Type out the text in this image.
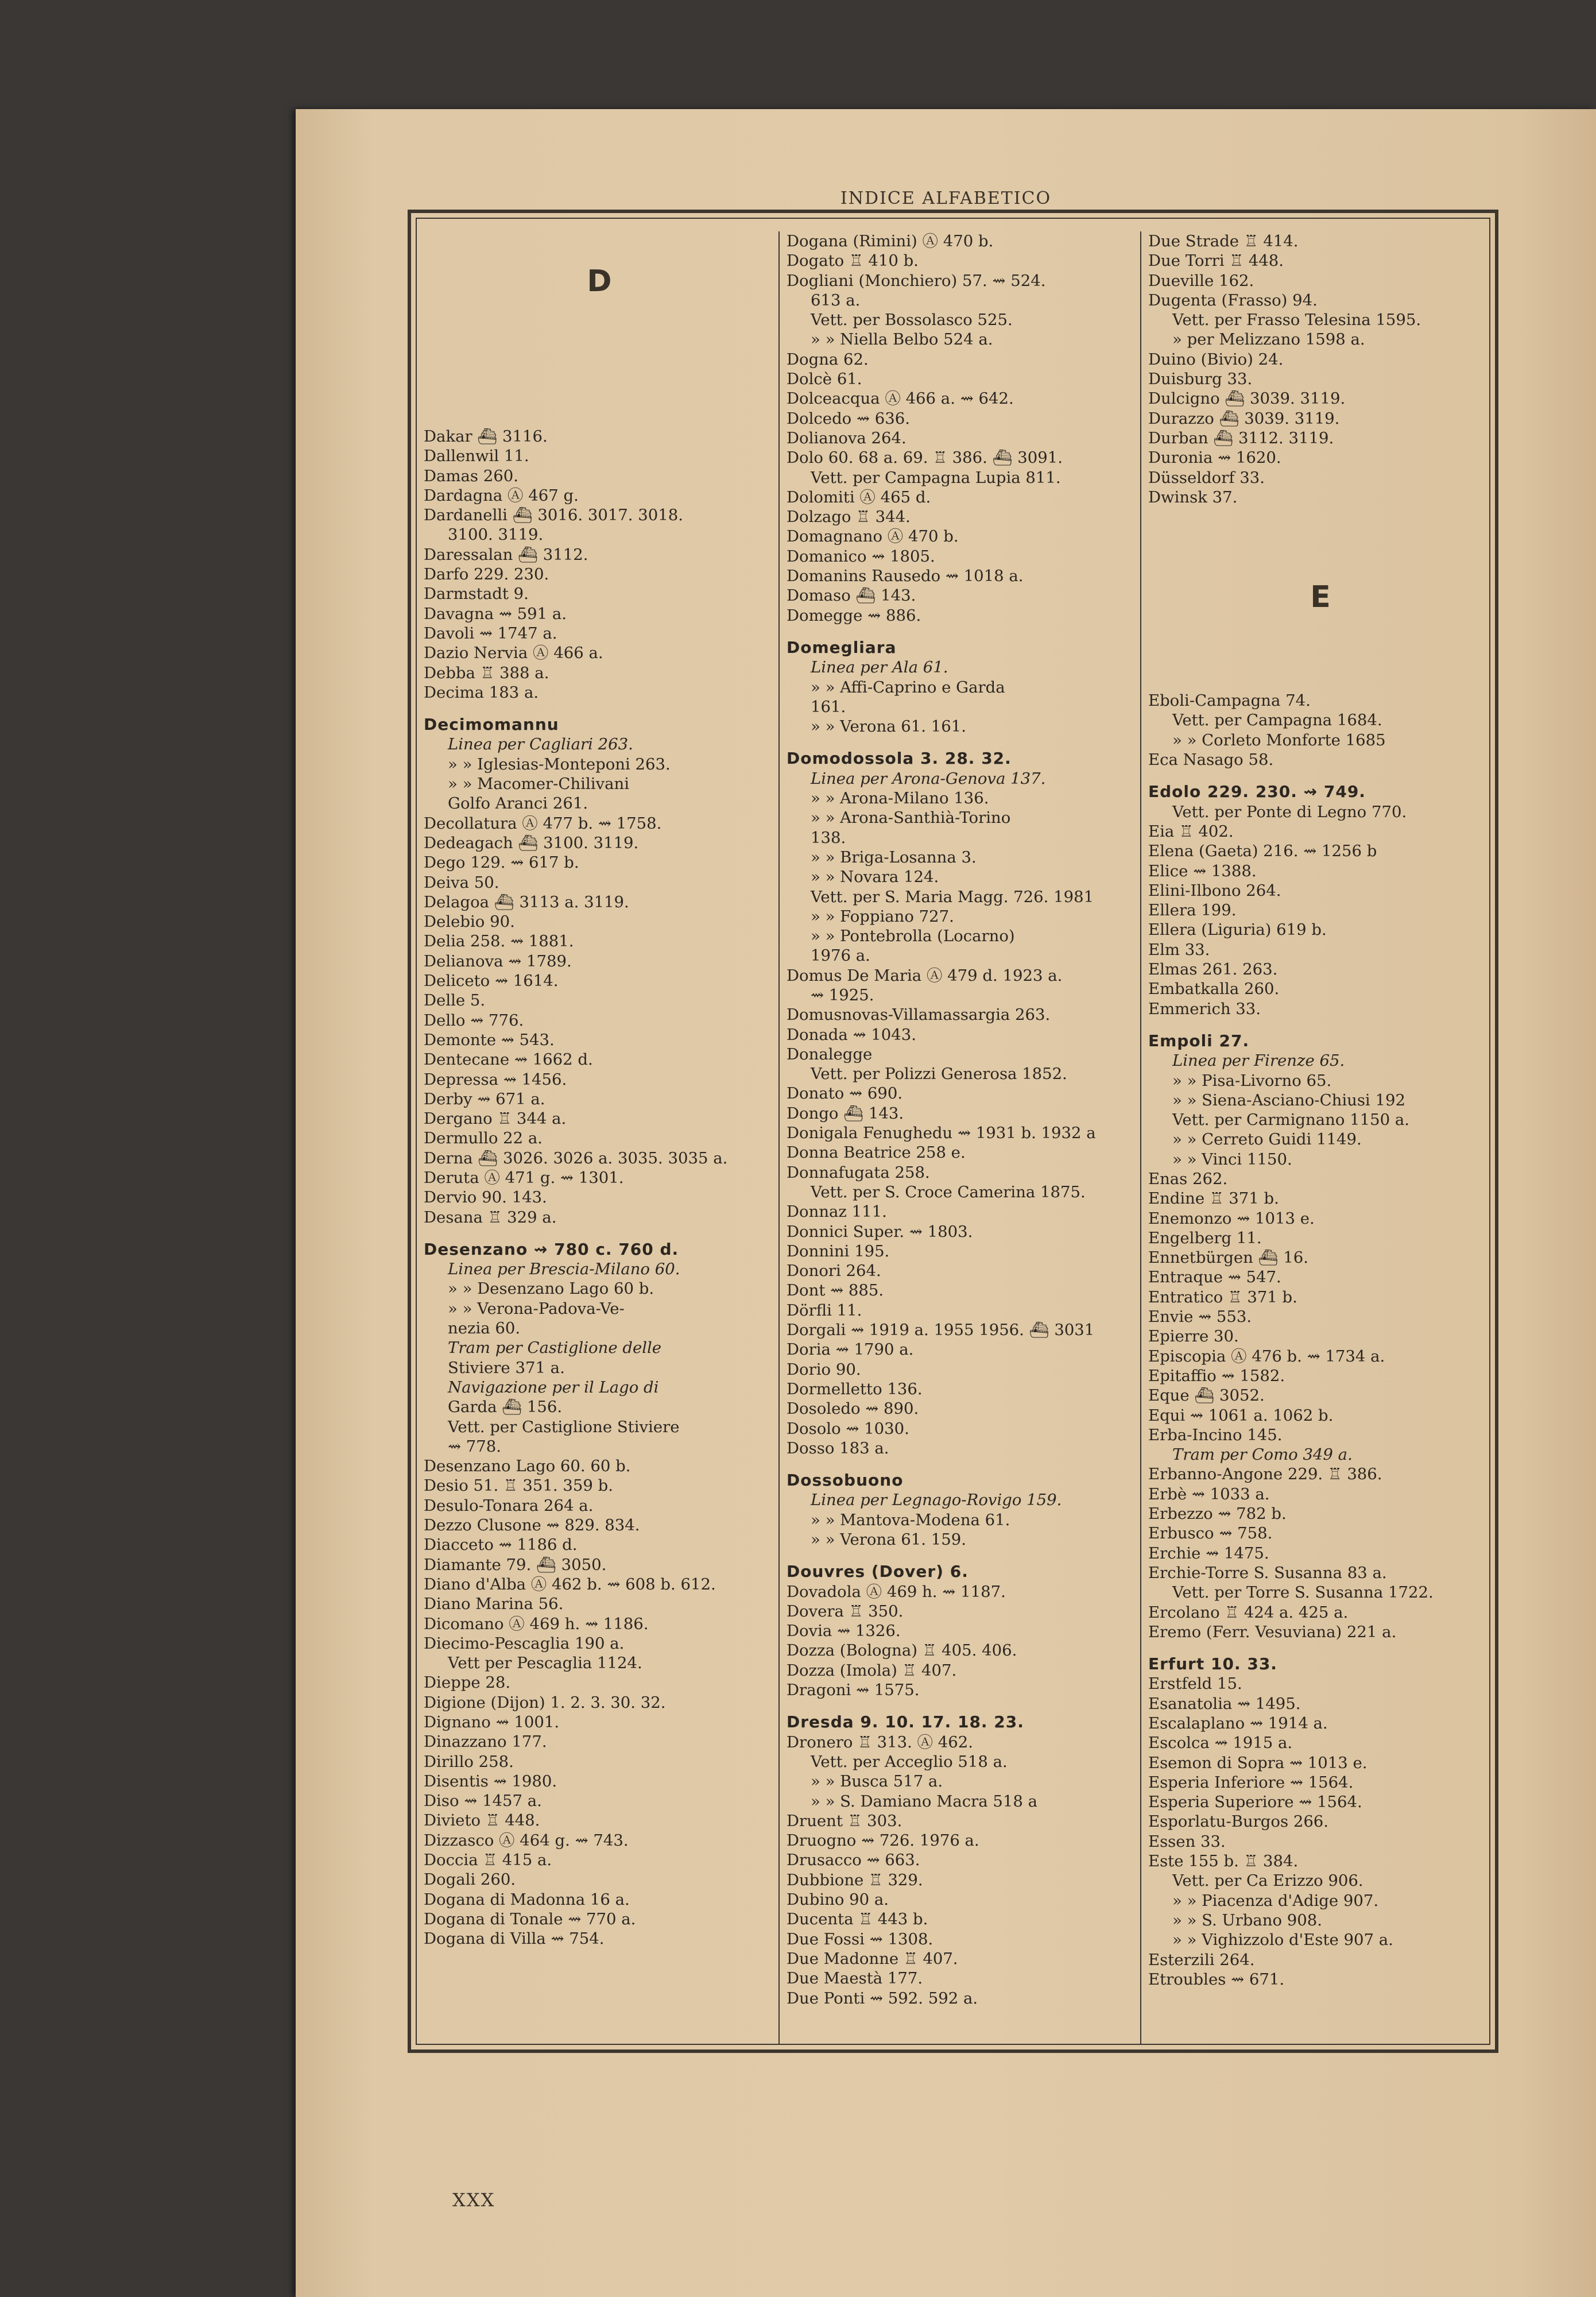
INDICE ALFABETICO
D
Dakar ⛴ 3116.
Dallenwil 11.
Damas 260.
Dardagna Ⓐ 467 g.
Dardanelli ⛴ 3016. 3017. 3018.
3100. 3119.
Daressalan ⛴ 3112.
Darfo 229. 230.
Darmstadt 9.
Davagna ⇝ 591 a.
Davoli ⇝ 1747 a.
Dazio Nervia Ⓐ 466 a.
Debba ♖ 388 a.
Decima 183 a.
Decimomannu
Linea per Cagliari 263.
» » Iglesias-Monteponi 263.
» » Macomer-Chilivani
Golfo Aranci 261.
Decollatura Ⓐ 477 b. ⇝ 1758.
Dedeagach ⛴ 3100. 3119.
Dego 129. ⇝ 617 b.
Deiva 50.
Delagoa ⛴ 3113 a. 3119.
Delebio 90.
Delia 258. ⇝ 1881.
Delianova ⇝ 1789.
Deliceto ⇝ 1614.
Delle 5.
Dello ⇝ 776.
Demonte ⇝ 543.
Dentecane ⇝ 1662 d.
Depressa ⇝ 1456.
Derby ⇝ 671 a.
Dergano ♖ 344 a.
Dermullo 22 a.
Derna ⛴ 3026. 3026 a. 3035. 3035 a.
Deruta Ⓐ 471 g. ⇝ 1301.
Dervio 90. 143.
Desana ♖ 329 a.
Desenzano ⇝ 780 c. 760 d.
Linea per Brescia-Milano 60.
» » Desenzano Lago 60 b.
» » Verona-Padova-Ve-
nezia 60.
Tram per Castiglione delle
Stiviere 371 a.
Navigazione per il Lago di
Garda ⛴ 156.
Vett. per Castiglione Stiviere
⇝ 778.
Desenzano Lago 60. 60 b.
Desio 51. ♖ 351. 359 b.
Desulo-Tonara 264 a.
Dezzo Clusone ⇝ 829. 834.
Diacceto ⇝ 1186 d.
Diamante 79. ⛴ 3050.
Diano d'Alba Ⓐ 462 b. ⇝ 608 b. 612.
Diano Marina 56.
Dicomano Ⓐ 469 h. ⇝ 1186.
Diecimo-Pescaglia 190 a.
Vett per Pescaglia 1124.
Dieppe 28.
Digione (Dijon) 1. 2. 3. 30. 32.
Dignano ⇝ 1001.
Dinazzano 177.
Dirillo 258.
Disentis ⇝ 1980.
Diso ⇝ 1457 a.
Divieto ♖ 448.
Dizzasco Ⓐ 464 g. ⇝ 743.
Doccia ♖ 415 a.
Dogali 260.
Dogana di Madonna 16 a.
Dogana di Tonale ⇝ 770 a.
Dogana di Villa ⇝ 754.
Dogana (Rimini) Ⓐ 470 b.
Dogato ♖ 410 b.
Dogliani (Monchiero) 57. ⇝ 524.
613 a.
Vett. per Bossolasco 525.
» » Niella Belbo 524 a.
Dogna 62.
Dolcè 61.
Dolceacqua Ⓐ 466 a. ⇝ 642.
Dolcedo ⇝ 636.
Dolianova 264.
Dolo 60. 68 a. 69. ♖ 386. ⛴ 3091.
Vett. per Campagna Lupia 811.
Dolomiti Ⓐ 465 d.
Dolzago ♖ 344.
Domagnano Ⓐ 470 b.
Domanico ⇝ 1805.
Domanins Rausedo ⇝ 1018 a.
Domaso ⛴ 143.
Domegge ⇝ 886.
Domegliara
Linea per Ala 61.
» » Affi-Caprino e Garda
161.
» » Verona 61. 161.
Domodossola 3. 28. 32.
Linea per Arona-Genova 137.
» » Arona-Milano 136.
» » Arona-Santhià-Torino
138.
» » Briga-Losanna 3.
» » Novara 124.
Vett. per S. Maria Magg. 726. 1981
» » Foppiano 727.
» » Pontebrolla (Locarno)
1976 a.
Domus De Maria Ⓐ 479 d. 1923 a.
⇝ 1925.
Domusnovas-Villamassargia 263.
Donada ⇝ 1043.
Donalegge
Vett. per Polizzi Generosa 1852.
Donato ⇝ 690.
Dongo ⛴ 143.
Donigala Fenughedu ⇝ 1931 b. 1932 a
Donna Beatrice 258 e.
Donnafugata 258.
Vett. per S. Croce Camerina 1875.
Donnaz 111.
Donnici Super. ⇝ 1803.
Donnini 195.
Donori 264.
Dont ⇝ 885.
Dörfli 11.
Dorgali ⇝ 1919 a. 1955 1956. ⛴ 3031
Doria ⇝ 1790 a.
Dorio 90.
Dormelletto 136.
Dosoledo ⇝ 890.
Dosolo ⇝ 1030.
Dosso 183 a.
Dossobuono
Linea per Legnago-Rovigo 159.
» » Mantova-Modena 61.
» » Verona 61. 159.
Douvres (Dover) 6.
Dovadola Ⓐ 469 h. ⇝ 1187.
Dovera ♖ 350.
Dovia ⇝ 1326.
Dozza (Bologna) ♖ 405. 406.
Dozza (Imola) ♖ 407.
Dragoni ⇝ 1575.
Dresda 9. 10. 17. 18. 23.
Dronero ♖ 313. Ⓐ 462.
Vett. per Acceglio 518 a.
» » Busca 517 a.
» » S. Damiano Macra 518 a
Druent ♖ 303.
Druogno ⇝ 726. 1976 a.
Drusacco ⇝ 663.
Dubbione ♖ 329.
Dubino 90 a.
Ducenta ♖ 443 b.
Due Fossi ⇝ 1308.
Due Madonne ♖ 407.
Due Maestà 177.
Due Ponti ⇝ 592. 592 a.
Due Strade ♖ 414.
Due Torri ♖ 448.
Dueville 162.
Dugenta (Frasso) 94.
Vett. per Frasso Telesina 1595.
» per Melizzano 1598 a.
Duino (Bivio) 24.
Duisburg 33.
Dulcigno ⛴ 3039. 3119.
Durazzo ⛴ 3039. 3119.
Durban ⛴ 3112. 3119.
Duronia ⇝ 1620.
Düsseldorf 33.
Dwinsk 37.
E
Eboli-Campagna 74.
Vett. per Campagna 1684.
» » Corleto Monforte 1685
Eca Nasago 58.
Edolo 229. 230. ⇝ 749.
Vett. per Ponte di Legno 770.
Eia ♖ 402.
Elena (Gaeta) 216. ⇝ 1256 b
Elice ⇝ 1388.
Elini-Ilbono 264.
Ellera 199.
Ellera (Liguria) 619 b.
Elm 33.
Elmas 261. 263.
Embatkalla 260.
Emmerich 33.
Empoli 27.
Linea per Firenze 65.
» » Pisa-Livorno 65.
» » Siena-Asciano-Chiusi 192
Vett. per Carmignano 1150 a.
» » Cerreto Guidi 1149.
» » Vinci 1150.
Enas 262.
Endine ♖ 371 b.
Enemonzo ⇝ 1013 e.
Engelberg 11.
Ennetbürgen ⛴ 16.
Entraque ⇝ 547.
Entratico ♖ 371 b.
Envie ⇝ 553.
Epierre 30.
Episcopia Ⓐ 476 b. ⇝ 1734 a.
Epitaffio ⇝ 1582.
Eque ⛴ 3052.
Equi ⇝ 1061 a. 1062 b.
Erba-Incino 145.
Tram per Como 349 a.
Erbanno-Angone 229. ♖ 386.
Erbè ⇝ 1033 a.
Erbezzo ⇝ 782 b.
Erbusco ⇝ 758.
Erchie ⇝ 1475.
Erchie-Torre S. Susanna 83 a.
Vett. per Torre S. Susanna 1722.
Ercolano ♖ 424 a. 425 a.
Eremo (Ferr. Vesuviana) 221 a.
Erfurt 10. 33.
Erstfeld 15.
Esanatolia ⇝ 1495.
Escalaplano ⇝ 1914 a.
Escolca ⇝ 1915 a.
Esemon di Sopra ⇝ 1013 e.
Esperia Inferiore ⇝ 1564.
Esperia Superiore ⇝ 1564.
Esporlatu-Burgos 266.
Essen 33.
Este 155 b. ♖ 384.
Vett. per Ca Erizzo 906.
» » Piacenza d'Adige 907.
» » S. Urbano 908.
» » Vighizzolo d'Este 907 a.
Esterzili 264.
Etroubles ⇝ 671.
XXX
